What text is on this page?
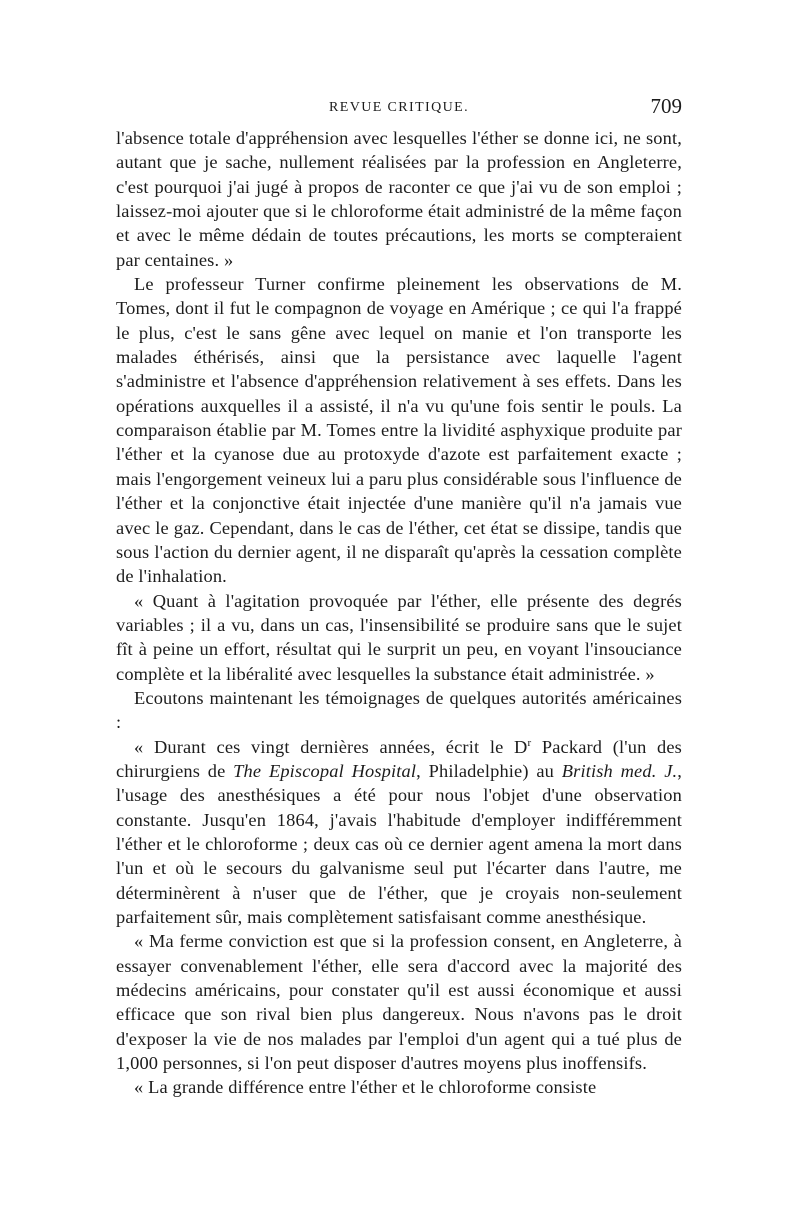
REVUE CRITIQUE.	709

l'absence totale d'appréhension avec lesquelles l'éther se donne ici, ne sont, autant que je sache, nullement réalisées par la profession en Angleterre, c'est pourquoi j'ai jugé à propos de raconter ce que j'ai vu de son emploi ; laissez-moi ajouter que si le chloroforme était administré de la même façon et avec le même dédain de toutes précautions, les morts se compteraient par centaines. »

Le professeur Turner confirme pleinement les observations de M. Tomes, dont il fut le compagnon de voyage en Amérique ; ce qui l'a frappé le plus, c'est le sans gêne avec lequel on manie et l'on transporte les malades éthérisés, ainsi que la persistance avec laquelle l'agent s'administre et l'absence d'appréhension relativement à ses effets. Dans les opérations auxquelles il a assisté, il n'a vu qu'une fois sentir le pouls. La comparaison établie par M. Tomes entre la lividité asphyxique produite par l'éther et la cyanose due au protoxyde d'azote est parfaitement exacte ; mais l'engorgement veineux lui a paru plus considérable sous l'influence de l'éther et la conjonctive était injectée d'une manière qu'il n'a jamais vue avec le gaz. Cependant, dans le cas de l'éther, cet état se dissipe, tandis que sous l'action du dernier agent, il ne disparaît qu'après la cessation complète de l'inhalation.

« Quant à l'agitation provoquée par l'éther, elle présente des degrés variables ; il a vu, dans un cas, l'insensibilité se produire sans que le sujet fît à peine un effort, résultat qui le surprit un peu, en voyant l'insouciance complète et la libéralité avec lesquelles la substance était administrée. »

Ecoutons maintenant les témoignages de quelques autorités américaines :

« Durant ces vingt dernières années, écrit le $D^r$ Packard (l'un des chirurgiens de The Episcopal Hospital, Philadelphie) au British med. J., l'usage des anesthésiques a été pour nous l'objet d'une observation constante. Jusqu'en 1864, j'avais l'habitude d'employer indifféremment l'éther et le chloroforme ; deux cas où ce dernier agent amena la mort dans l'un et où le secours du galvanisme seul put l'écarter dans l'autre, me déterminèrent à n'user que de l'éther, que je croyais non-seulement parfaitement sûr, mais complètement satisfaisant comme anesthésique.

« Ma ferme conviction est que si la profession consent, en Angleterre, à essayer convenablement l'éther, elle sera d'accord avec la majorité des médecins américains, pour constater qu'il est aussi économique et aussi efficace que son rival bien plus dangereux. Nous n'avons pas le droit d'exposer la vie de nos malades par l'emploi d'un agent qui a tué plus de 1,000 personnes, si l'on peut disposer d'autres moyens plus inoffensifs.

« La grande différence entre l'éther et le chloroforme consiste
